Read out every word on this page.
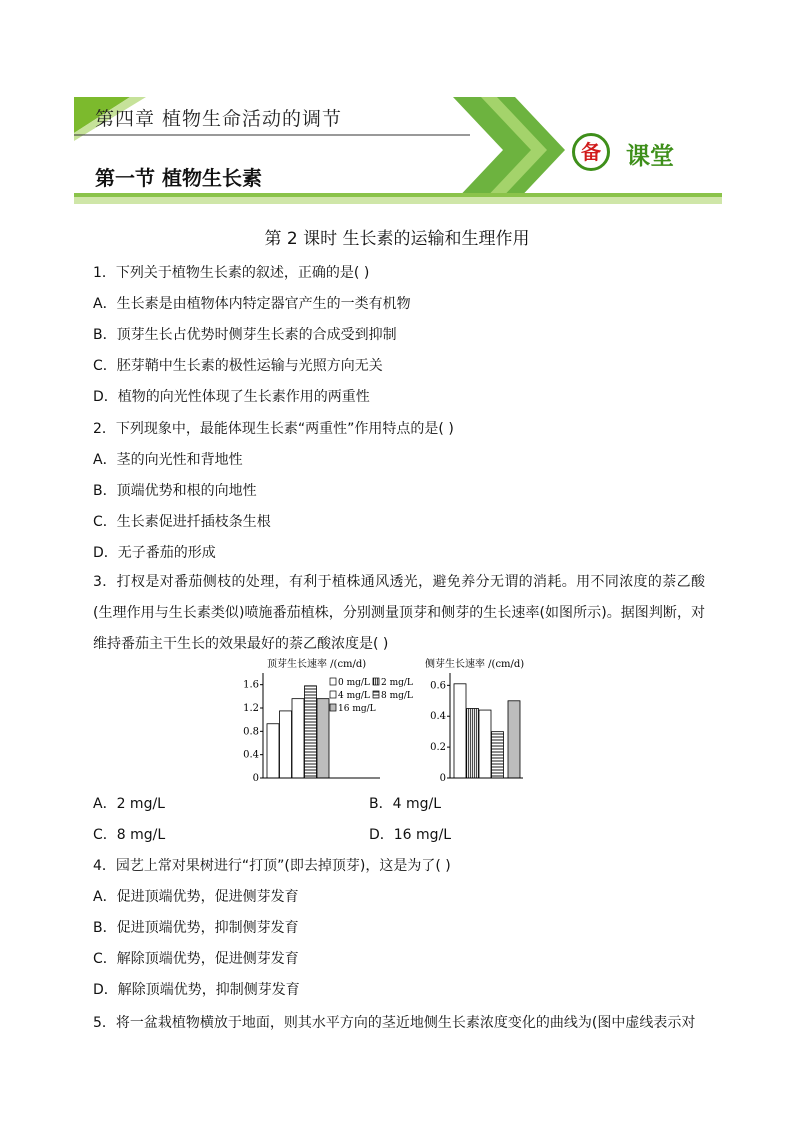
第四章 植物生命活动的调节
第一节 植物生长素
备	课堂
第 2 课时 生长素的运输和生理作用
1．下列关于植物生长素的叙述，正确的是( )
A．生长素是由植物体内特定器官产生的一类有机物
B．顶芽生长占优势时侧芽生长素的合成受到抑制
C．胚芽鞘中生长素的极性运输与光照方向无关
D．植物的向光性体现了生长素作用的两重性
2．下列现象中，最能体现生长素“两重性”作用特点的是( )
A．茎的向光性和背地性
B．顶端优势和根的向地性
C．生长素促进扦插枝条生根
D．无子番茄的形成
3．打杈是对番茄侧枝的处理，有利于植株通风透光，避免养分无谓的消耗。用不同浓度的萘乙酸(生理作用与生长素类似)喷施番茄植株，分别测量顶芽和侧芽的生长速率(如图所示)。据图判断，对维持番茄主干生长的效果最好的萘乙酸浓度是( )
顶芽生长速率 /(cm/d)
1.6
1.2
0.8
0.4
0
0 mg/L 2 mg/L
4 mg/L 8 mg/L
16 mg/L
侧芽生长速率 /(cm/d)
0.6
0.4
0.2
0
A．2 mg/L	B．4 mg/L
C．8 mg/L	D．16 mg/L
4．园艺上常对果树进行“打顶”(即去掉顶芽)，这是为了( )
A．促进顶端优势，促进侧芽发育
B．促进顶端优势，抑制侧芽发育
C．解除顶端优势，促进侧芽发育
D．解除顶端优势，抑制侧芽发育
5．将一盆栽植物横放于地面，则其水平方向的茎近地侧生长素浓度变化的曲线为(图中虚线表示对
